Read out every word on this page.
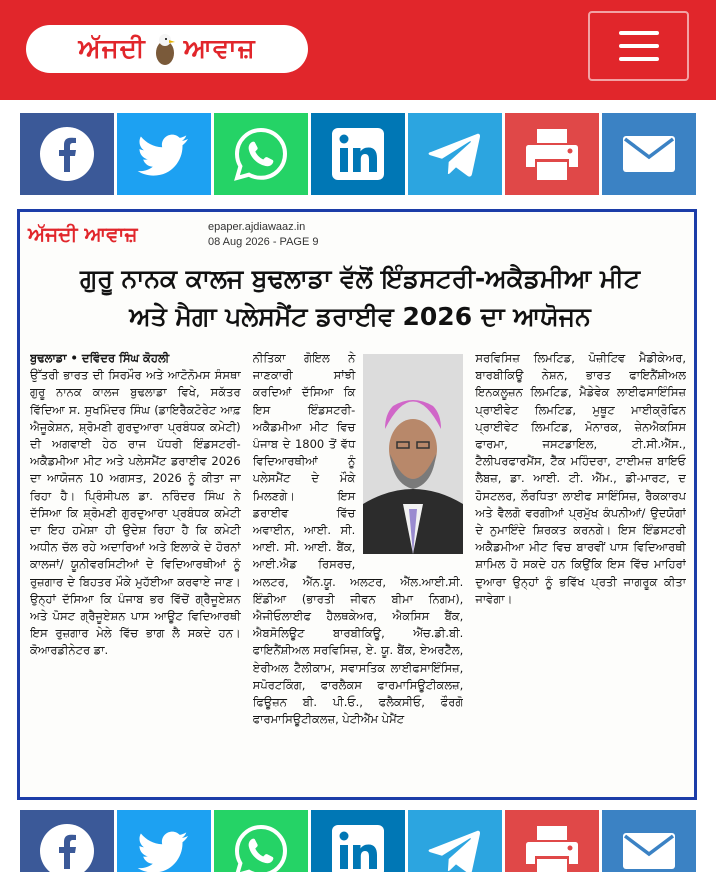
ਅੱਜਦੀ ਆਵਾਜ਼
ਅੱਜਦੀ ਆਵਾਜ਼	epaper.ajdiawaaz.in
08 Aug 2026 - PAGE 9
ਗੁਰੂ ਨਾਨਕ ਕਾਲਜ ਬੁਢਲਾਡਾ ਵੱਲੋਂ ਇੰਡਸਟਰੀ-ਅਕੈਡਮੀਆ ਮੀਟ ਅਤੇ ਮੈਗਾ ਪਲੇਸਮੈਂਟ ਡਰਾਈਵ 2026 ਦਾ ਆਯੋਜਨ
ਬੁਢਲਾਡਾ • ਦਵਿੰਦਰ ਸਿੰਘ ਕੋਹਲੀ
ਉੱਤਰੀ ਭਾਰਤ ਦੀ ਸਿਰਮੌਰ ਅਤੇ ਆਟੋਨੋਮਸ ਸੰਸਥਾ ਗੁਰੂ ਨਾਨਕ ਕਾਲਜ ਬੁਢਲਾਡਾ ਵਿਖੇ, ਸਕੱਤਰ ਵਿੱਦਿਆ ਸ. ਸੁਖਮਿੰਦਰ ਸਿੰਘ (ਡਾਇਰੈਕਟੋਰੇਟ ਆਫ਼ ਐਜੂਕੇਸ਼ਨ, ਸ਼੍ਰੋਮਣੀ ਗੁਰਦੁਆਰਾ ਪ੍ਰਬੰਧਕ ਕਮੇਟੀ) ਦੀ ਅਗਵਾਈ ਹੇਠ ਰਾਜ ਪੱਧਰੀ ਇੰਡਸਟਰੀ-ਅਕੈਡਮੀਆ ਮੀਟ ਅਤੇ ਪਲੇਸਮੈਂਟ ਡਰਾਈਵ 2026 ਦਾ ਆਯੋਜਨ 10 ਅਗਸਤ, 2026 ਨੂੰ ਕੀਤਾ ਜਾ ਰਿਹਾ ਹੈ। ਪ੍ਰਿੰਸੀਪਲ ਡਾ. ਨਰਿੰਦਰ ਸਿੰਘ ਨੇ ਦੱਸਿਆ ਕਿ ਸ਼੍ਰੋਮਣੀ ਗੁਰਦੁਆਰਾ ਪ੍ਰਬੰਧਕ ਕਮੇਟੀ ਦਾ ਇਹ ਹਮੇਸ਼ਾ ਹੀ ਉਦੇਸ਼ ਰਿਹਾ ਹੈ ਕਿ ਕਮੇਟੀ ਅਧੀਨ ਚੱਲ ਰਹੇ ਅਦਾਰਿਆਂ ਅਤੇ ਇਲਾਕੇ ਦੇ ਹੋਰਨਾਂ ਕਾਲਜਾਂ/ ਯੂਨੀਵਰਸਿਟੀਆਂ ਦੇ ਵਿਦਿਆਰਥੀਆਂ ਨੂੰ ਰੁਜ਼ਗਾਰ ਦੇ ਬਿਹਤਰ ਮੌਕੇ ਮੁਹੱਈਆ ਕਰਵਾਏ ਜਾਣ। ਉਨ੍ਹਾਂ ਦੱਸਿਆ ਕਿ ਪੰਜਾਬ ਭਰ ਵਿੱਚੋਂ ਗ੍ਰੈਜੂਏਸ਼ਨ ਅਤੇ ਪੋਸਟ ਗ੍ਰੈਜੂਏਸ਼ਨ ਪਾਸ ਆਊਟ ਵਿਦਿਆਰਥੀ ਇਸ ਰੁਜ਼ਗਾਰ ਮੇਲੇ ਵਿੱਚ ਭਾਗ ਲੈ ਸਕਦੇ ਹਨ। ਕੋਆਰਡੀਨੇਟਰ ਡਾ.
ਨੀਤਿਕਾ ਗੋਇਲ ਨੇ ਜਾਣਕਾਰੀ ਸਾਂਝੀ ਕਰਦਿਆਂ ਦੱਸਿਆ ਕਿ ਇਸ ਇੰਡਸਟਰੀ-ਅਕੈਡਮੀਆ ਮੀਟ ਵਿਚ ਪੰਜਾਬ ਦੇ 1800 ਤੋਂ ਵੱਧ ਵਿਦਿਆਰਥੀਆਂ ਨੂੰ ਪਲੇਸਮੈਂਟ ਦੇ ਮੌਕੇ ਮਿਲਣਗੇ। ਇਸ ਡਰਾਈਵ ਵਿੱਚ ਅਵਾਈਨ, ਆਈ. ਸੀ. ਆਈ. ਸੀ. ਆਈ. ਬੈਂਕ, ਆਈ.ਐਡ ਰਿਸਰਚ, ਅਲਟਰ, ਐੱਨ.ਯੂ. ਅਲਟਰ, ਐੱਲ.ਆਈ.ਸੀ. ਇੰਡੀਆ (ਭਾਰਤੀ ਜੀਵਨ ਬੀਮਾ ਨਿਗਮ), ਐਜੀਓਲਾਈਫ ਹੈਲਥਕੇਅਰ, ਐਕਸਿਸ ਬੈਂਕ, ਐਬਸੋਲਿਊਟ ਬਾਰਬੀਕਿਊ, ਐੱਚ.ਡੀ.ਬੀ. ਫਾਇਨੈਂਸ਼ੀਅਲ ਸਰਵਿਸਿਜ਼, ਏ. ਯੂ. ਬੈਂਕ, ਏਅਰਟੈੱਲ, ਏਰੀਅਲ ਟੈਲੀਕਾਮ, ਸਵਾਸਤਿਕ ਲਾਈਫਸਾਇੰਸਿਜ਼, ਸਪੋਰਟਕਿੰਗ, ਫਾਰਲੈਕਸ ਫਾਰਮਾਸਿਊਟੀਕਲਜ਼, ਫਿਊਜ਼ਨ ਬੀ. ਪੀ.ਓ., ਫਲੈਕਸੀਓ, ਫੌਰਗੋ ਫਾਰਮਾਸਿਊਟੀਕਲਜ਼, ਪੇਟੀਐੱਮ ਪੇਮੈਂਟ
ਸਰਵਿਸਿਜ਼ ਲਿਮਟਿਡ, ਪੋਜ਼ੀਟਿਵ ਮੈਡੀਕੇਅਰ, ਬਾਰਬੀਕਿਊ ਨੇਸ਼ਨ, ਭਾਰਤ ਫਾਇਨੈਂਸ਼ੀਅਲ ਇਨਕਲੂਜ਼ਨ ਲਿਮਟਿਡ, ਮੈਡੇਵੇਕ ਲਾਈਫਸਾਇੰਸਿਜ਼ ਪ੍ਰਾਈਵੇਟ ਲਿਮਟਿਡ, ਮੁਥੂਟ ਮਾਈਕ੍ਰੋਫਿਨ ਪ੍ਰਾਈਵੇਟ ਲਿਮਟਿਡ, ਮੋਨਾਰਕ, ਜ਼ੇਨਐਕਸਿਸ ਫਾਰਮਾ, ਜਸਟਡਾਇਲ, ਟੀ.ਸੀ.ਐੱਸ., ਟੈਲੀਪਰਫਾਰਮੈਂਸ, ਟੈੱਕ ਮਹਿੰਦਰਾ, ਟਾਈਮਜ਼ ਬਾਇਓ ਲੈਬਜ਼, ਡਾ. ਆਈ. ਟੀ. ਐੱਮ., ਡੀ-ਮਾਰਟ, ਦ ਹੋਸਟਲਰ, ਲੌਰਧਿਤਾ ਲਾਈਫ ਸਾਇੰਸਿਜ਼, ਰੈਕਕਾਰਪ ਅਤੇ ਵੈਲਗੋ ਵਰਗੀਆਂ ਪ੍ਰਮੁੱਖ ਕੰਪਨੀਆਂ/ ਉਦਯੋਗਾਂ ਦੇ ਨੁਮਾਇੰਦੇ ਸ਼ਿਰਕਤ ਕਰਨਗੇ। ਇਸ ਇੰਡਸਟਰੀ ਅਕੈਡਮੀਆ ਮੀਟ ਵਿਚ ਬਾਰਵੀਂ ਪਾਸ ਵਿਦਿਆਰਥੀ ਸ਼ਾਮਿਲ ਹੋ ਸਕਦੇ ਹਨ ਕਿਉਂਕਿ ਇਸ ਵਿੱਚ ਮਾਹਿਰਾਂ ਦੁਆਰਾ ਉਨ੍ਹਾਂ ਨੂੰ ਭਵਿੱਖ ਪ੍ਰਤੀ ਜਾਗਰੂਕ ਕੀਤਾ ਜਾਵੇਗਾ।
